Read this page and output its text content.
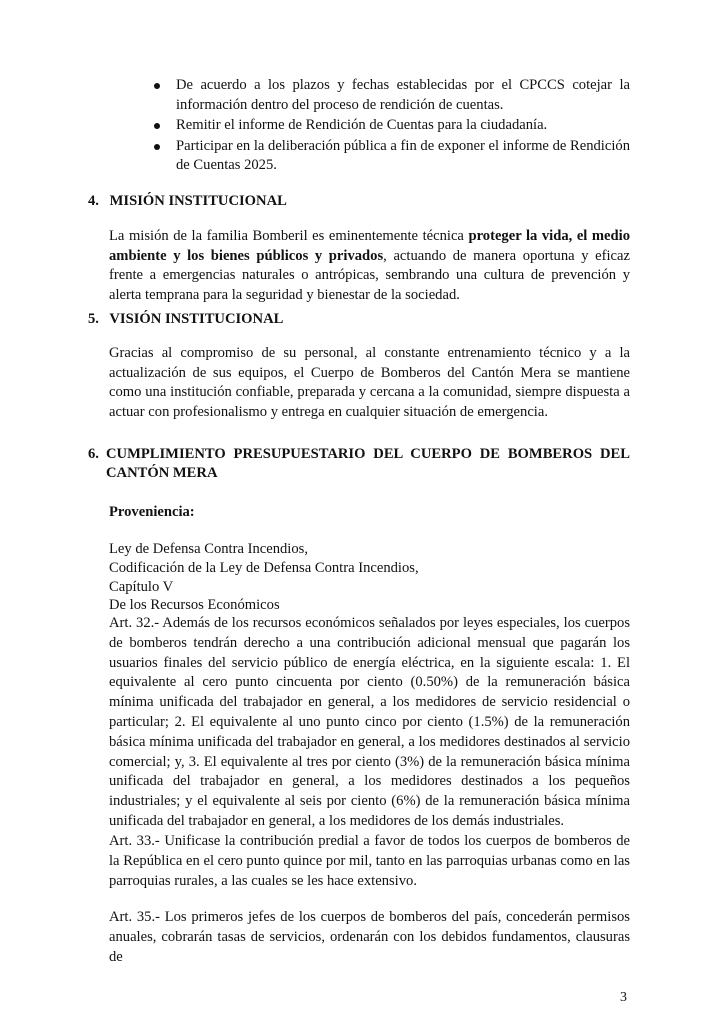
De acuerdo a los plazos y fechas establecidas por el CPCCS cotejar la información dentro del proceso de rendición de cuentas.
Remitir el informe de Rendición de Cuentas para la ciudadanía.
Participar en la deliberación pública a fin de exponer el informe de Rendición de Cuentas 2025.
4. MISIÓN INSTITUCIONAL

La misión de la familia Bomberil es eminentemente técnica proteger la vida, el medio ambiente y los bienes públicos y privados, actuando de manera oportuna y eficaz frente a emergencias naturales o antrópicas, sembrando una cultura de prevención y alerta temprana para la seguridad y bienestar de la sociedad.

5. VISIÓN INSTITUCIONAL

Gracias al compromiso de su personal, al constante entrenamiento técnico y a la actualización de sus equipos, el Cuerpo de Bomberos del Cantón Mera se mantiene como una institución confiable, preparada y cercana a la comunidad, siempre dispuesta a actuar con profesionalismo y entrega en cualquier situación de emergencia.

6. CUMPLIMIENTO PRESUPUESTARIO DEL CUERPO DE BOMBEROS DEL
CANTÓN MERA
Proveniencia:
Ley de Defensa Contra Incendios,
Codificación de la Ley de Defensa Contra Incendios,
Capítulo V
De los Recursos Económicos

Art. 32.- Además de los recursos económicos señalados por leyes especiales, los cuerpos de bomberos tendrán derecho a una contribución adicional mensual que pagarán los usuarios finales del servicio público de energía eléctrica, en la siguiente escala: 1. El equivalente al cero punto cincuenta por ciento (0.50%) de la remuneración básica mínima unificada del trabajador en general, a los medidores de servicio residencial o particular; 2. El equivalente al uno punto cinco por ciento (1.5%) de la remuneración básica mínima unificada del trabajador en general, a los medidores destinados al servicio comercial; y, 3. El equivalente al tres por ciento (3%) de la remuneración básica mínima unificada del trabajador en general, a los medidores destinados a los pequeños industriales; y el equivalente al seis por ciento (6%) de la remuneración básica mínima unificada del trabajador en general, a los medidores de los demás industriales.

Art. 33.- Unificase la contribución predial a favor de todos los cuerpos de bomberos de la República en el cero punto quince por mil, tanto en las parroquias urbanas como en las parroquias rurales, a las cuales se les hace extensivo.

Art. 35.- Los primeros jefes de los cuerpos de bomberos del país, concederán permisos anuales, cobrarán tasas de servicios, ordenarán con los debidos fundamentos, clausuras de

3
